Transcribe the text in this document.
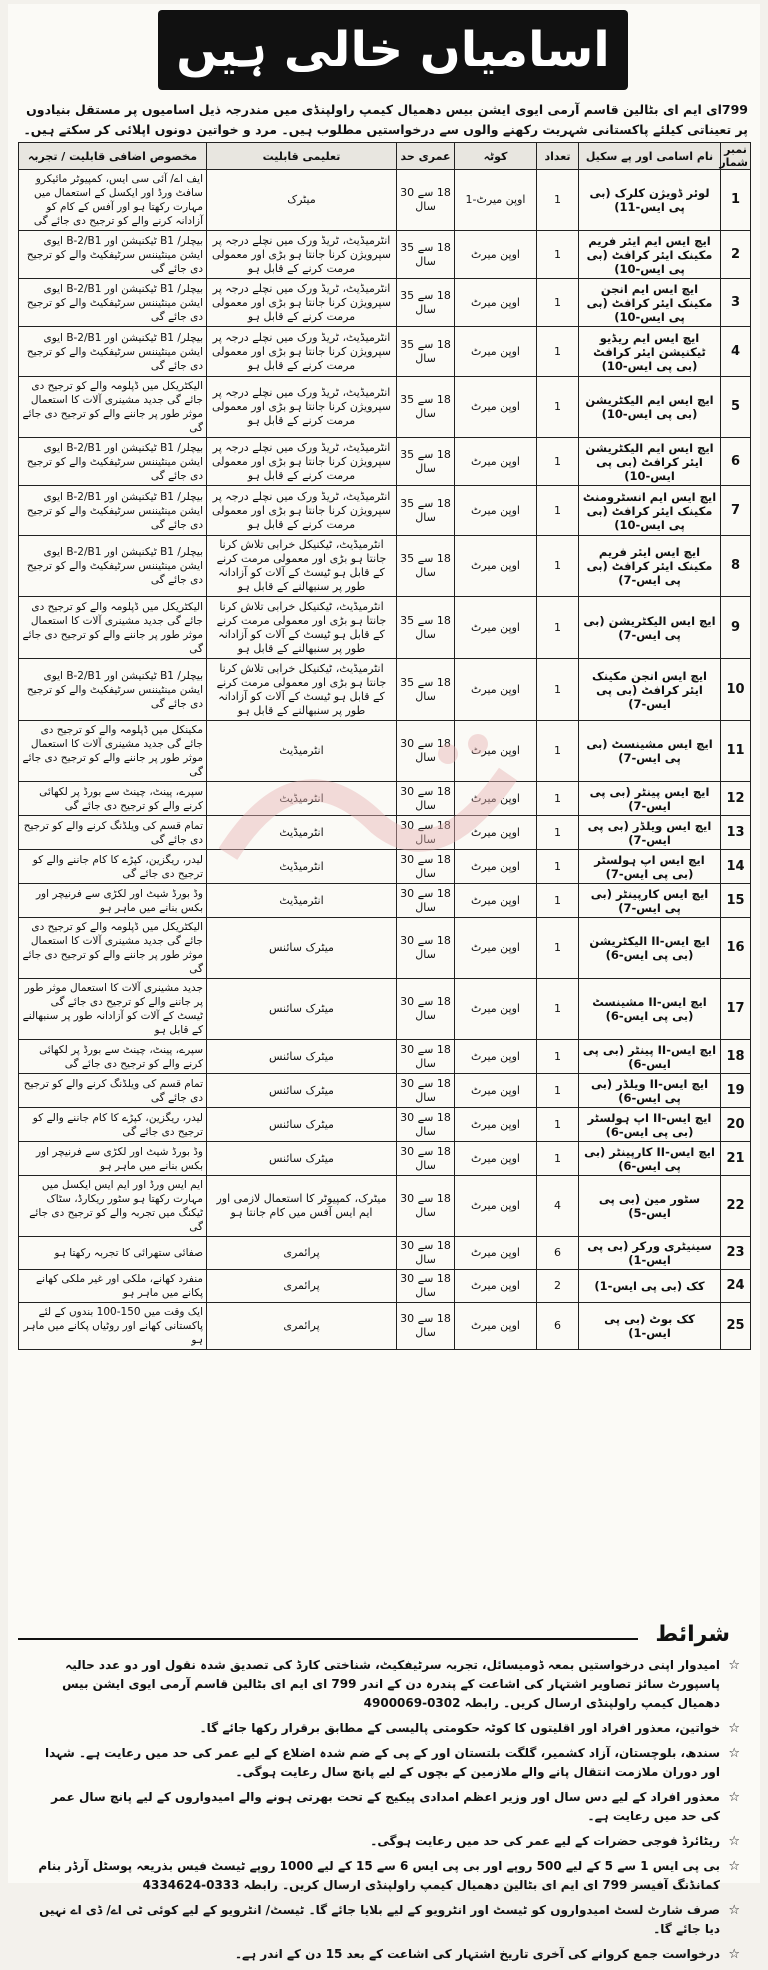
اسامیاں خالی ہیں
799ای ایم ای بٹالین قاسم آرمی ایوی ایشن بیس دھمیال کیمپ راولپنڈی میں مندرجہ ذیل اسامیوں پر مستقل بنیادوں پر تعیناتی کیلئے پاکستانی شہریت رکھنے والوں سے درخواستیں مطلوب ہیں۔ مرد و خواتین دونوں اپلائی کر سکتے ہیں۔
نمبر شمار	نام اسامی اور پے سکیل	تعداد	کوٹہ	عمری حد	تعلیمی قابلیت	مخصوص اضافی قابلیت / تجربہ
1	لوئر ڈویژن کلرک (بی پی ایس-11)	1	اوپن میرٹ-1	18 سے 30 سال	میٹرک	ایف اے/ آئی سی ایس، کمپیوٹر مائیکرو سافٹ ورڈ اور ایکسل کے استعمال میں مہارت رکھتا ہو اور آفس کے کام کو آزادانہ کرنے والے کو ترجیح دی جائے گی
2	ایچ ایس ایم ایئر فریم مکینک ایئر کرافٹ (بی پی ایس-10)	1	اوپن میرٹ	18 سے 35 سال	انٹرمیڈیٹ، ٹریڈ ورک میں نچلے درجہ پر سپرویژن کرنا جانتا ہو بڑی اور معمولی مرمت کرنے کے قابل ہو	بیچلر/ B1 ٹیکنیشن اور B-2/B1 ایوی ایشن مینٹیننس سرٹیفکیٹ والے کو ترجیح دی جائے گی
3	ایچ ایس ایم انجن مکینک ایئر کرافٹ (بی پی ایس-10)	1	اوپن میرٹ	18 سے 35 سال	انٹرمیڈیٹ، ٹریڈ ورک میں نچلے درجہ پر سپرویژن کرنا جانتا ہو بڑی اور معمولی مرمت کرنے کے قابل ہو	بیچلر/ B1 ٹیکنیشن اور B-2/B1 ایوی ایشن مینٹیننس سرٹیفکیٹ والے کو ترجیح دی جائے گی
4	ایچ ایس ایم ریڈیو ٹیکنیشن ایئر کرافٹ (بی پی ایس-10)	1	اوپن میرٹ	18 سے 35 سال	انٹرمیڈیٹ، ٹریڈ ورک میں نچلے درجہ پر سپرویژن کرنا جانتا ہو بڑی اور معمولی مرمت کرنے کے قابل ہو	بیچلر/ B1 ٹیکنیشن اور B-2/B1 ایوی ایشن مینٹیننس سرٹیفکیٹ والے کو ترجیح دی جائے گی
5	ایچ ایس ایم الیکٹریشن (بی پی ایس-10)	1	اوپن میرٹ	18 سے 35 سال	انٹرمیڈیٹ، ٹریڈ ورک میں نچلے درجہ پر سپرویژن کرنا جانتا ہو بڑی اور معمولی مرمت کرنے کے قابل ہو	الیکٹریکل میں ڈپلومہ والے کو ترجیح دی جائے گی جدید مشینری آلات کا استعمال موثر طور پر جاننے والے کو ترجیح دی جائے گی
6	ایچ ایس ایم الیکٹریشن ایئر کرافٹ (بی پی ایس-10)	1	اوپن میرٹ	18 سے 35 سال	انٹرمیڈیٹ، ٹریڈ ورک میں نچلے درجہ پر سپرویژن کرنا جانتا ہو بڑی اور معمولی مرمت کرنے کے قابل ہو	بیچلر/ B1 ٹیکنیشن اور B-2/B1 ایوی ایشن مینٹیننس سرٹیفکیٹ والے کو ترجیح دی جائے گی
7	ایچ ایس ایم انسٹرومنٹ مکینک ایئر کرافٹ (بی پی ایس-10)	1	اوپن میرٹ	18 سے 35 سال	انٹرمیڈیٹ، ٹریڈ ورک میں نچلے درجہ پر سپرویژن کرنا جانتا ہو بڑی اور معمولی مرمت کرنے کے قابل ہو	بیچلر/ B1 ٹیکنیشن اور B-2/B1 ایوی ایشن مینٹیننس سرٹیفکیٹ والے کو ترجیح دی جائے گی
8	ایچ ایس ایئر فریم مکینک ایئر کرافٹ (بی پی ایس-7)	1	اوپن میرٹ	18 سے 35 سال	انٹرمیڈیٹ، ٹیکنیکل خرابی تلاش کرنا جانتا ہو بڑی اور معمولی مرمت کرنے کے قابل ہو ٹیسٹ کے آلات کو آزادانہ طور پر سنبھالنے کے قابل ہو	بیچلر/ B1 ٹیکنیشن اور B-2/B1 ایوی ایشن مینٹیننس سرٹیفکیٹ والے کو ترجیح دی جائے گی
9	ایچ ایس الیکٹریشن (بی پی ایس-7)	1	اوپن میرٹ	18 سے 35 سال	انٹرمیڈیٹ، ٹیکنیکل خرابی تلاش کرنا جانتا ہو بڑی اور معمولی مرمت کرنے کے قابل ہو ٹیسٹ کے آلات کو آزادانہ طور پر سنبھالنے کے قابل ہو	الیکٹریکل میں ڈپلومہ والے کو ترجیح دی جائے گی جدید مشینری آلات کا استعمال موثر طور پر جاننے والے کو ترجیح دی جائے گی
10	ایچ ایس انجن مکینک ایئر کرافٹ (بی پی ایس-7)	1	اوپن میرٹ	18 سے 35 سال	انٹرمیڈیٹ، ٹیکنیکل خرابی تلاش کرنا جانتا ہو بڑی اور معمولی مرمت کرنے کے قابل ہو ٹیسٹ کے آلات کو آزادانہ طور پر سنبھالنے کے قابل ہو	بیچلر/ B1 ٹیکنیشن اور B-2/B1 ایوی ایشن مینٹیننس سرٹیفکیٹ والے کو ترجیح دی جائے گی
11	ایچ ایس مشینسٹ (بی پی ایس-7)	1	اوپن میرٹ	18 سے 30 سال	انٹرمیڈیٹ	مکینکل میں ڈپلومہ والے کو ترجیح دی جائے گی جدید مشینری آلات کا استعمال موثر طور پر جاننے والے کو ترجیح دی جائے گی
12	ایچ ایس پینٹر (بی پی ایس-7)	1	اوپن میرٹ	18 سے 30 سال	انٹرمیڈیٹ	سپرے، پینٹ، چینٹ سے بورڈ پر لکھائی کرنے والے کو ترجیح دی جائے گی
13	ایچ ایس ویلڈر (بی پی ایس-7)	1	اوپن میرٹ	18 سے 30 سال	انٹرمیڈیٹ	تمام قسم کی ویلڈنگ کرنے والے کو ترجیح دی جائے گی
14	ایچ ایس اپ ہولسٹر (بی پی ایس-7)	1	اوپن میرٹ	18 سے 30 سال	انٹرمیڈیٹ	لیدر، ریگزین، کپڑے کا کام جاننے والے کو ترجیح دی جائے گی
15	ایچ ایس کارپینٹر (بی پی ایس-7)	1	اوپن میرٹ	18 سے 30 سال	انٹرمیڈیٹ	وڈ بورڈ شیٹ اور لکڑی سے فرنیچر اور بکس بنانے میں ماہر ہو
16	ایچ ایس-II الیکٹریشن (بی پی ایس-6)	1	اوپن میرٹ	18 سے 30 سال	میٹرک سائنس	الیکٹریکل میں ڈپلومہ والے کو ترجیح دی جائے گی جدید مشینری آلات کا استعمال موثر طور پر جاننے والے کو ترجیح دی جائے گی
17	ایچ ایس-II مشینسٹ (بی پی ایس-6)	1	اوپن میرٹ	18 سے 30 سال	میٹرک سائنس	جدید مشینری آلات کا استعمال موثر طور پر جاننے والے کو ترجیح دی جائے گی ٹیسٹ کے آلات کو آزادانہ طور پر سنبھالنے کے قابل ہو
18	ایچ ایس-II پینٹر (بی پی ایس-6)	1	اوپن میرٹ	18 سے 30 سال	میٹرک سائنس	سپرے، پینٹ، چینٹ سے بورڈ پر لکھائی کرنے والے کو ترجیح دی جائے گی
19	ایچ ایس-II ویلڈر (بی پی ایس-6)	1	اوپن میرٹ	18 سے 30 سال	میٹرک سائنس	تمام قسم کی ویلڈنگ کرنے والے کو ترجیح دی جائے گی
20	ایچ ایس-II اپ ہولسٹر (بی پی ایس-6)	1	اوپن میرٹ	18 سے 30 سال	میٹرک سائنس	لیدر، ریگزین، کپڑے کا کام جاننے والے کو ترجیح دی جائے گی
21	ایچ ایس-II کارپینٹر (بی پی ایس-6)	1	اوپن میرٹ	18 سے 30 سال	میٹرک سائنس	وڈ بورڈ شیٹ اور لکڑی سے فرنیچر اور بکس بنانے میں ماہر ہو
22	سٹور مین (بی پی ایس-5)	4	اوپن میرٹ	18 سے 30 سال	میٹرک، کمپیوٹر کا استعمال لازمی اور ایم ایس آفس میں کام جانتا ہو	ایم ایس ورڈ اور ایم ایس ایکسل میں مہارت رکھتا ہو سٹور ریکارڈ، سٹاک ٹیکنگ میں تجربہ والے کو ترجیح دی جائے گی
23	سینیٹری ورکر (بی پی ایس-1)	6	اوپن میرٹ	18 سے 30 سال	پرائمری	صفائی ستھرائی کا تجربہ رکھتا ہو
24	کک (بی پی ایس-1)	2	اوپن میرٹ	18 سے 30 سال	پرائمری	منفرد کھانے، ملکی اور غیر ملکی کھانے پکانے میں ماہر ہو
25	کک بوٹ (بی پی ایس-1)	6	اوپن میرٹ	18 سے 30 سال	پرائمری	ایک وقت میں 150-100 بندوں کے لئے پاکستانی کھانے اور روٹیاں پکانے میں ماہر ہو
شرائط
☆
امیدوار اپنی درخواستیں بمعہ ڈومیسائل، تجربہ سرٹیفکیٹ، شناختی کارڈ کی تصدیق شدہ نقول اور دو عدد حالیہ پاسپورٹ سائز تصاویر اشتہار کی اشاعت کے پندرہ دن کے اندر 799 ای ایم ای بٹالین قاسم آرمی ایوی ایشن بیس دھمیال کیمپ راولپنڈی ارسال کریں۔ رابطہ 0302-4900069
☆
خواتین، معذور افراد اور اقلیتوں کا کوٹہ حکومتی پالیسی کے مطابق برقرار رکھا جائے گا۔
☆
سندھ، بلوچستان، آزاد کشمیر، گلگت بلتستان اور کے پی کے ضم شدہ اضلاع کے لیے عمر کی حد میں رعایت ہے۔ شہدا اور دوران ملازمت انتقال پانے والے ملازمین کے بچوں کے لیے پانچ سال رعایت ہوگی۔
☆
معذور افراد کے لیے دس سال اور وزیر اعظم امدادی پیکیج کے تحت بھرتی ہونے والے امیدواروں کے لیے پانچ سال عمر کی حد میں رعایت ہے۔
☆
ریٹائرڈ فوجی حضرات کے لیے عمر کی حد میں رعایت ہوگی۔
☆
بی پی ایس 1 سے 5 کے لیے 500 روپے اور بی پی ایس 6 سے 15 کے لیے 1000 روپے ٹیسٹ فیس بذریعہ پوسٹل آرڈر بنام کمانڈنگ آفیسر 799 ای ایم ای بٹالین دھمیال کیمپ راولپنڈی ارسال کریں۔ رابطہ 0333-4334624
☆
صرف شارٹ لسٹ امیدواروں کو ٹیسٹ اور انٹرویو کے لیے بلایا جائے گا۔ ٹیسٹ/ انٹرویو کے لیے کوئی ٹی اے/ ڈی اے نہیں دیا جائے گا۔
☆
درخواست جمع کروانے کی آخری تاریخ اشتہار کی اشاعت کے بعد 15 دن کے اندر ہے۔
